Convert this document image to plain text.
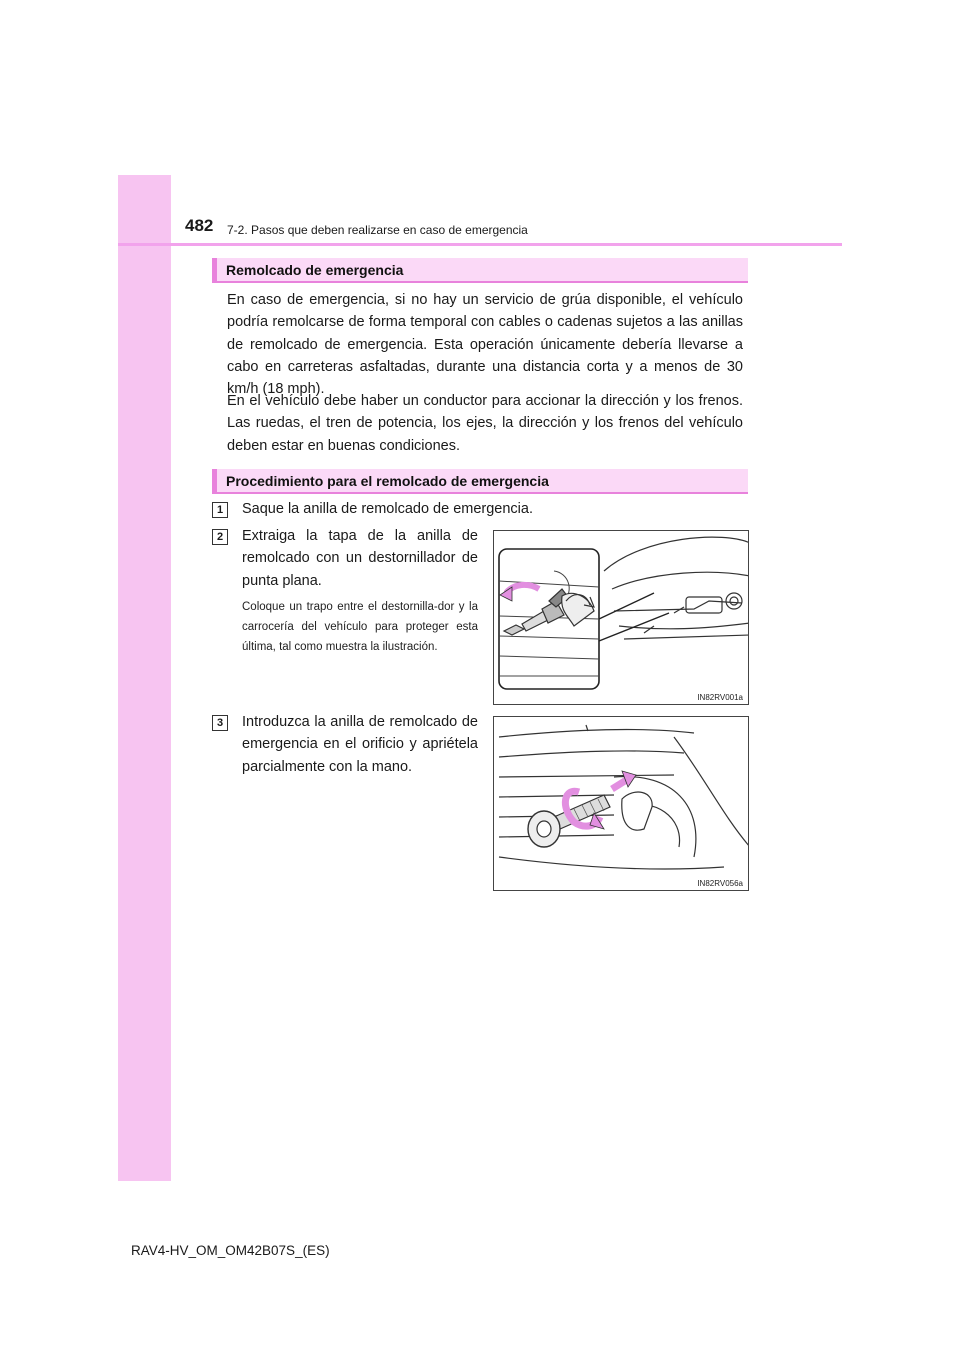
482 7-2. Pasos que deben realizarse en caso de emergencia
Remolcado de emergencia

En caso de emergencia, si no hay un servicio de grúa disponible, el vehículo podría remolcarse de forma temporal con cables o cadenas sujetos a las anillas de remolcado de emergencia. Esta operación únicamente debería llevarse a cabo en carreteras asfaltadas, durante una distancia corta y a menos de 30 km/h (18 mph).

En el vehículo debe haber un conductor para accionar la dirección y los frenos. Las ruedas, el tren de potencia, los ejes, la dirección y los frenos del vehículo deben estar en buenas condiciones.

Procedimiento para el remolcado de emergencia
1	Saque la anilla de remolcado de emergencia.

2	Extraiga la tapa de la anilla de remolcado con un destornillador de punta plana.

Coloque un trapo entre el destornilla-dor y la carrocería del vehículo para proteger esta última, tal como muestra la ilustración.

IN82RV001a
3	Introduzca la anilla de remolcado de emergencia en el orificio y apriétela parcialmente con la mano.

IN82RV056a
RAV4-HV_OM_OM42B07S_(ES)
